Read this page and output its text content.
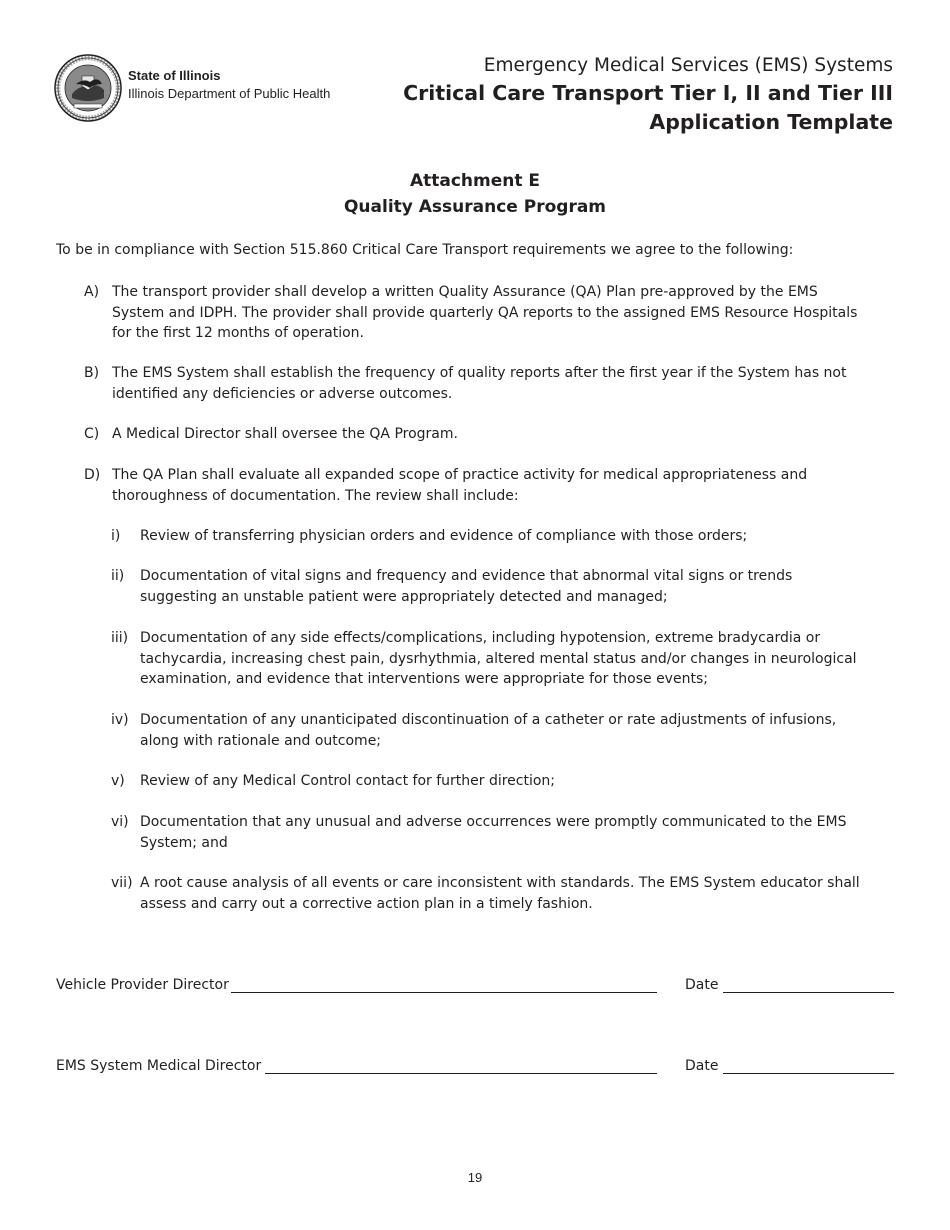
State of Illinois
Illinois Department of Public Health
Emergency Medical Services (EMS) Systems
Critical Care Transport Tier I, II and Tier III
Application Template
Attachment E
Quality Assurance Program
To be in compliance with Section 515.860 Critical Care Transport requirements we agree to the following:
A) The transport provider shall develop a written Quality Assurance (QA) Plan pre-approved by the EMS System and IDPH. The provider shall provide quarterly QA reports to the assigned EMS Resource Hospitals for the first 12 months of operation.
B) The EMS System shall establish the frequency of quality reports after the first year if the System has not identified any deficiencies or adverse outcomes.
C) A Medical Director shall oversee the QA Program.
D) The QA Plan shall evaluate all expanded scope of practice activity for medical appropriateness and thoroughness of documentation. The review shall include:
i) Review of transferring physician orders and evidence of compliance with those orders;
ii) Documentation of vital signs and frequency and evidence that abnormal vital signs or trends suggesting an unstable patient were appropriately detected and managed;
iii) Documentation of any side effects/complications, including hypotension, extreme bradycardia or tachycardia, increasing chest pain, dysrhythmia, altered mental status and/or changes in neurological examination, and evidence that interventions were appropriate for those events;
iv) Documentation of any unanticipated discontinuation of a catheter or rate adjustments of infusions, along with rationale and outcome;
v) Review of any Medical Control contact for further direction;
vi) Documentation that any unusual and adverse occurrences were promptly communicated to the EMS System; and
vii) A root cause analysis of all events or care inconsistent with standards. The EMS System educator shall assess and carry out a corrective action plan in a timely fashion.
Vehicle Provider Director	Date
EMS System Medical Director	Date
19
